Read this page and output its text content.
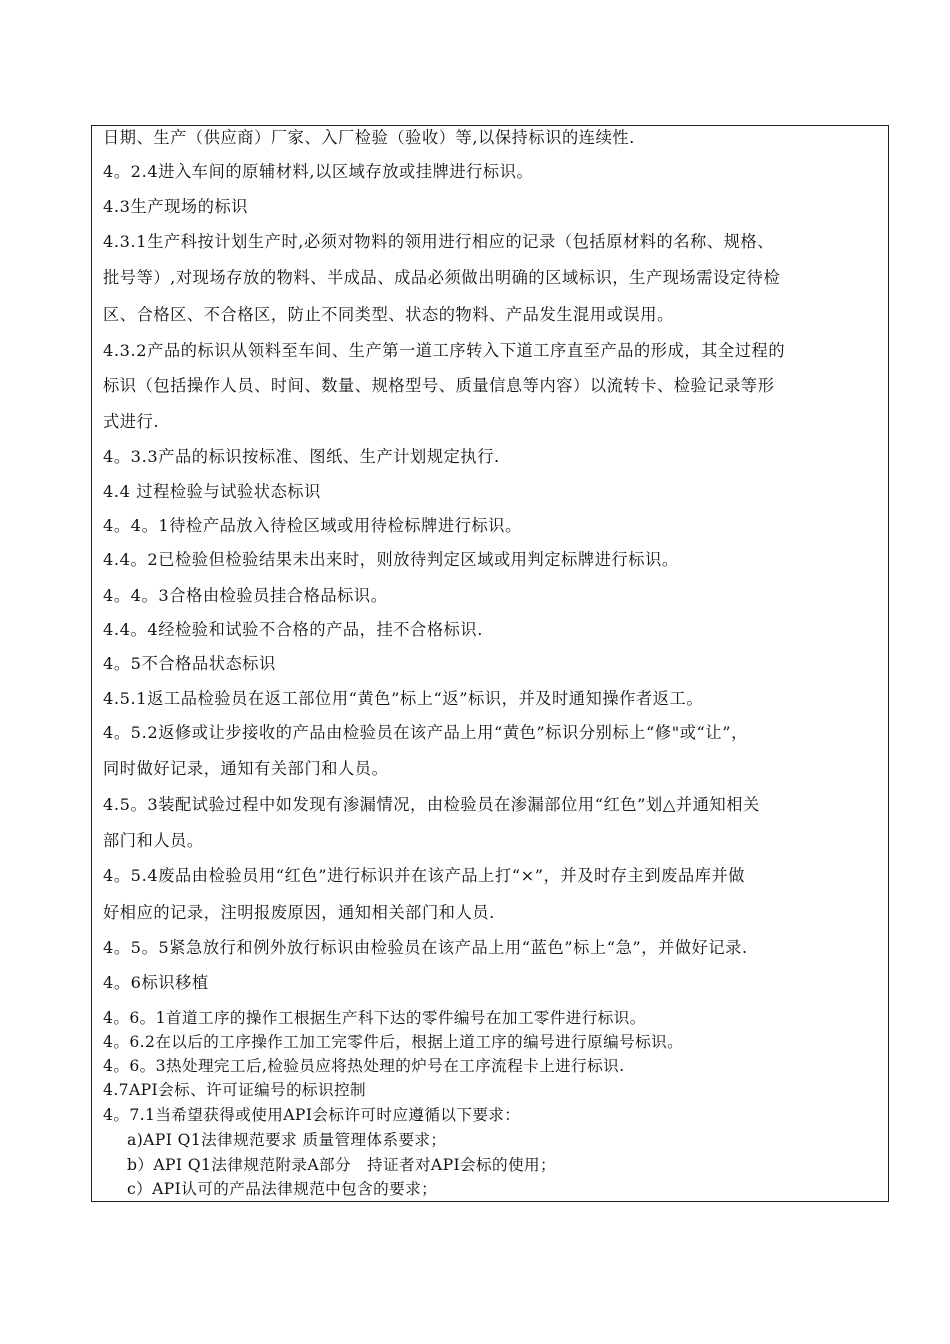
日期、生产（供应商）厂家、入厂检验（验收）等,以保持标识的连续性.
4。2.4进入车间的原辅材料,以区域存放或挂牌进行标识。
4.3生产现场的标识
4.3.1生产科按计划生产时,必须对物料的领用进行相应的记录（包括原材料的名称、规格、
批号等）,对现场存放的物料、半成品、成品必须做出明确的区域标识，生产现场需设定待检
区、合格区、不合格区，防止不同类型、状态的物料、产品发生混用或误用。
4.3.2产品的标识从领料至车间、生产第一道工序转入下道工序直至产品的形成，其全过程的
标识（包括操作人员、时间、数量、规格型号、质量信息等内容）以流转卡、检验记录等形
式进行.
4。3.3产品的标识按标准、图纸、生产计划规定执行.
4.4 过程检验与试验状态标识
4。4。1待检产品放入待检区域或用待检标牌进行标识。
4.4。2已检验但检验结果未出来时，则放待判定区域或用判定标牌进行标识。
4。4。3合格由检验员挂合格品标识。
4.4。4经检验和试验不合格的产品，挂不合格标识.
4。5不合格品状态标识
4.5.1返工品检验员在返工部位用“黄色”标上“返”标识，并及时通知操作者返工。
4。5.2返修或让步接收的产品由检验员在该产品上用“黄色”标识分别标上“修"或“让”，
同时做好记录，通知有关部门和人员。
4.5。3装配试验过程中如发现有渗漏情况，由检验员在渗漏部位用“红色”划△并通知相关
部门和人员。
4。5.4废品由检验员用“红色”进行标识并在该产品上打“×”，并及时存主到废品库并做
好相应的记录，注明报废原因，通知相关部门和人员.
4。5。5紧急放行和例外放行标识由检验员在该产品上用“蓝色”标上“急”，并做好记录.
4。6标识移植
4。6。1首道工序的操作工根据生产科下达的零件编号在加工零件进行标识。
4。6.2在以后的工序操作工加工完零件后，根据上道工序的编号进行原编号标识。
4。6。3热处理完工后,检验员应将热处理的炉号在工序流程卡上进行标识.
4.7API会标、许可证编号的标识控制
4。7.1当希望获得或使用API会标许可时应遵循以下要求：
a)API Q1法律规范要求 质量管理体系要求；
b）API Q1法律规范附录A部分　持证者对API会标的使用；
c）API认可的产品法律规范中包含的要求；
